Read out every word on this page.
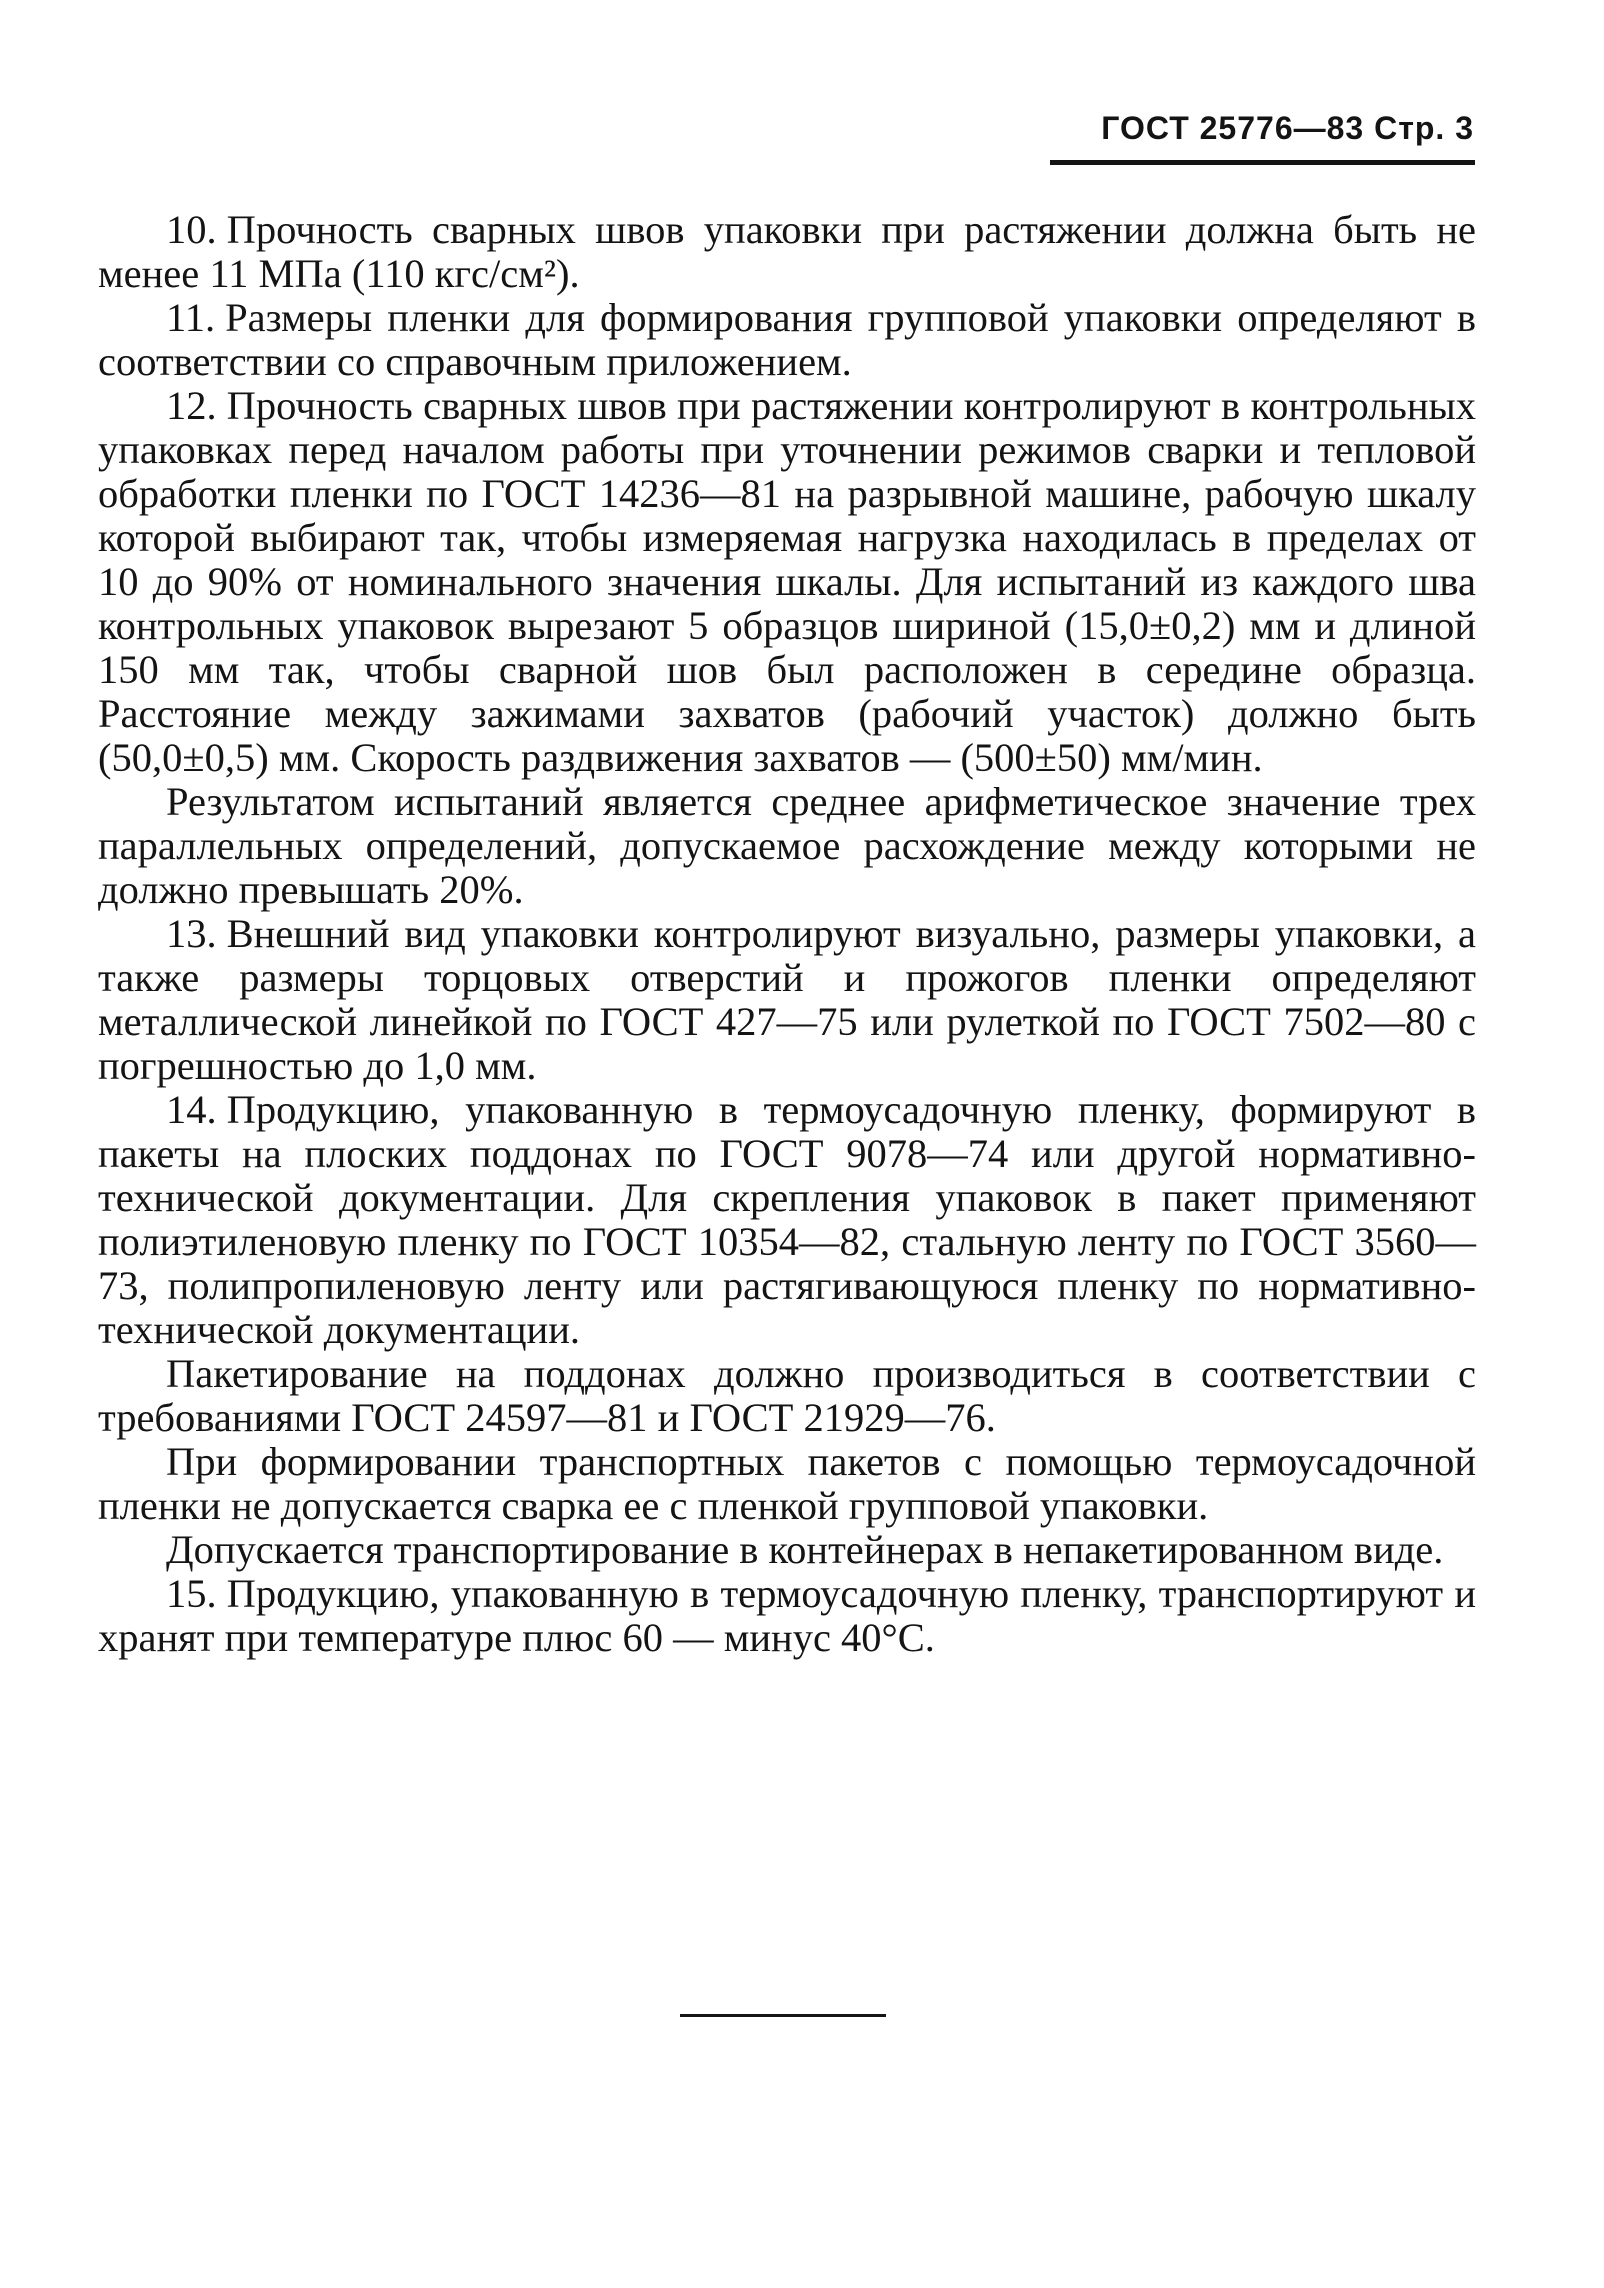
ГОСТ 25776—83 Стр. 3

10. Прочность сварных швов упаковки при растяжении должна быть не менее 11 МПа (110 кгс/см²).

11. Размеры пленки для формирования групповой упаковки определяют в соответствии со справочным приложением.

12. Прочность сварных швов при растяжении контролируют в контрольных упаковках перед началом работы при уточнении режимов сварки и тепловой обработки пленки по ГОСТ 14236—81 на разрывной машине, рабочую шкалу которой выбирают так, чтобы измеряемая нагрузка находилась в пределах от 10 до 90% от номинального значения шкалы. Для испытаний из каждого шва контрольных упаковок вырезают 5 образцов шириной (15,0±0,2) мм и длиной 150 мм так, чтобы сварной шов был расположен в середине образца. Расстояние между зажимами захватов (рабочий участок) должно быть (50,0±0,5) мм. Скорость раздвижения захватов — (500±50) мм/мин.

Результатом испытаний является среднее арифметическое значение трех параллельных определений, допускаемое расхождение между которыми не должно превышать 20%.

13. Внешний вид упаковки контролируют визуально, размеры упаковки, а также размеры торцовых отверстий и прожогов пленки определяют металлической линейкой по ГОСТ 427—75 или рулеткой по ГОСТ 7502—80 с погрешностью до 1,0 мм.

14. Продукцию, упакованную в термоусадочную пленку, формируют в пакеты на плоских поддонах по ГОСТ 9078—74 или другой нормативно-технической документации. Для скрепления упаковок в пакет применяют полиэтиленовую пленку по ГОСТ 10354—82, стальную ленту по ГОСТ 3560—73, полипропиленовую ленту или растягивающуюся пленку по нормативно-технической документации.

Пакетирование на поддонах должно производиться в соответствии с требованиями ГОСТ 24597—81 и ГОСТ 21929—76.

При формировании транспортных пакетов с помощью термоусадочной пленки не допускается сварка ее с пленкой групповой упаковки.

Допускается транспортирование в контейнерах в непакетированном виде.

15. Продукцию, упакованную в термоусадочную пленку, транспортируют и хранят при температуре плюс 60 — минус 40°С.
